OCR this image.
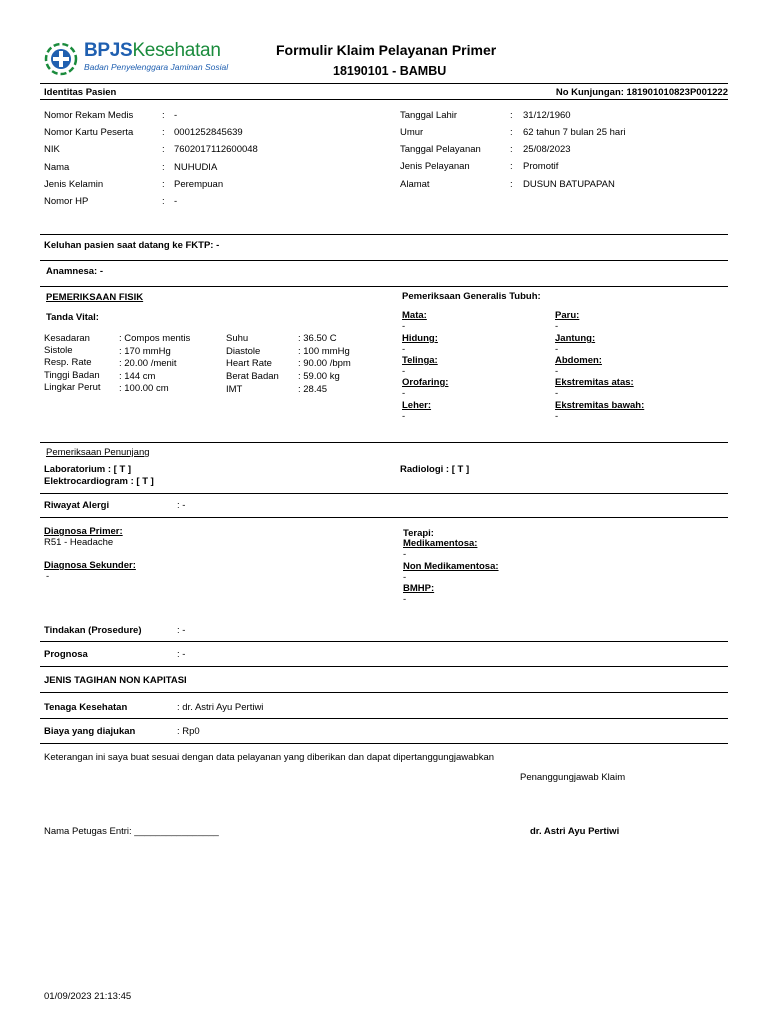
BPJSKesehatan
Badan Penyelenggara Jaminan Sosial
Formulir Klaim Pelayanan Primer
18190101 - BAMBU
Identitas Pasien	No Kunjungan: 181901010823P001222
Nomor Rekam Medis	: -
Nomor Kartu Peserta	: 0001252845639
NIK	: 7602017112600048
Nama	: NUHUDIA
Jenis Kelamin	: Perempuan
Nomor HP	: -
Tanggal Lahir	: 31/12/1960
Umur	: 62 tahun 7 bulan 25 hari
Tanggal Pelayanan	: 25/08/2023
Jenis Pelayanan	: Promotif
Alamat	: DUSUN BATUPAPAN
Keluhan pasien saat datang ke FKTP: -
Anamnesa: -
PEMERIKSAAN FISIK	Pemeriksaan Generalis Tubuh:
Tanda Vital:
Kesadaran	: Compos mentis
Sistole	: 170 mmHg
Resp. Rate	: 20.00 /menit
Tinggi Badan : 144 cm
Lingkar Perut : 100.00 cm
Suhu	: 36.50 C
Diastole	: 100 mmHg
Heart Rate	: 90.00 /bpm
Berat Badan : 59.00 kg
IMT	: 28.45
Mata:
-
Hidung:
-
Telinga:
-
Orofaring:
-
Leher:
-
Paru:
-
Jantung:
-
Abdomen:
-
Ekstremitas atas:
-
Ekstremitas bawah:
-
Pemeriksaan Penunjang
Laboratorium : [ T ]
Elektrocardiogram : [ T ]
Radiologi : [ T ]
Riwayat Alergi	: -
Diagnosa Primer:
R51 - Headache
Diagnosa Sekunder:
-
Terapi:
Medikamentosa:
-
Non Medikamentosa:
-
BMHP:
-
Tindakan (Prosedure)	: -
Prognosa	: -
JENIS TAGIHAN NON KAPITASI
Tenaga Kesehatan	: dr. Astri Ayu Pertiwi
Biaya yang diajukan	: Rp0
Keterangan ini saya buat sesuai dengan data pelayanan yang diberikan dan dapat dipertanggungjawabkan
Penanggungjawab Klaim
Nama Petugas Entri: ________________	dr. Astri Ayu Pertiwi
01/09/2023 21:13:45
